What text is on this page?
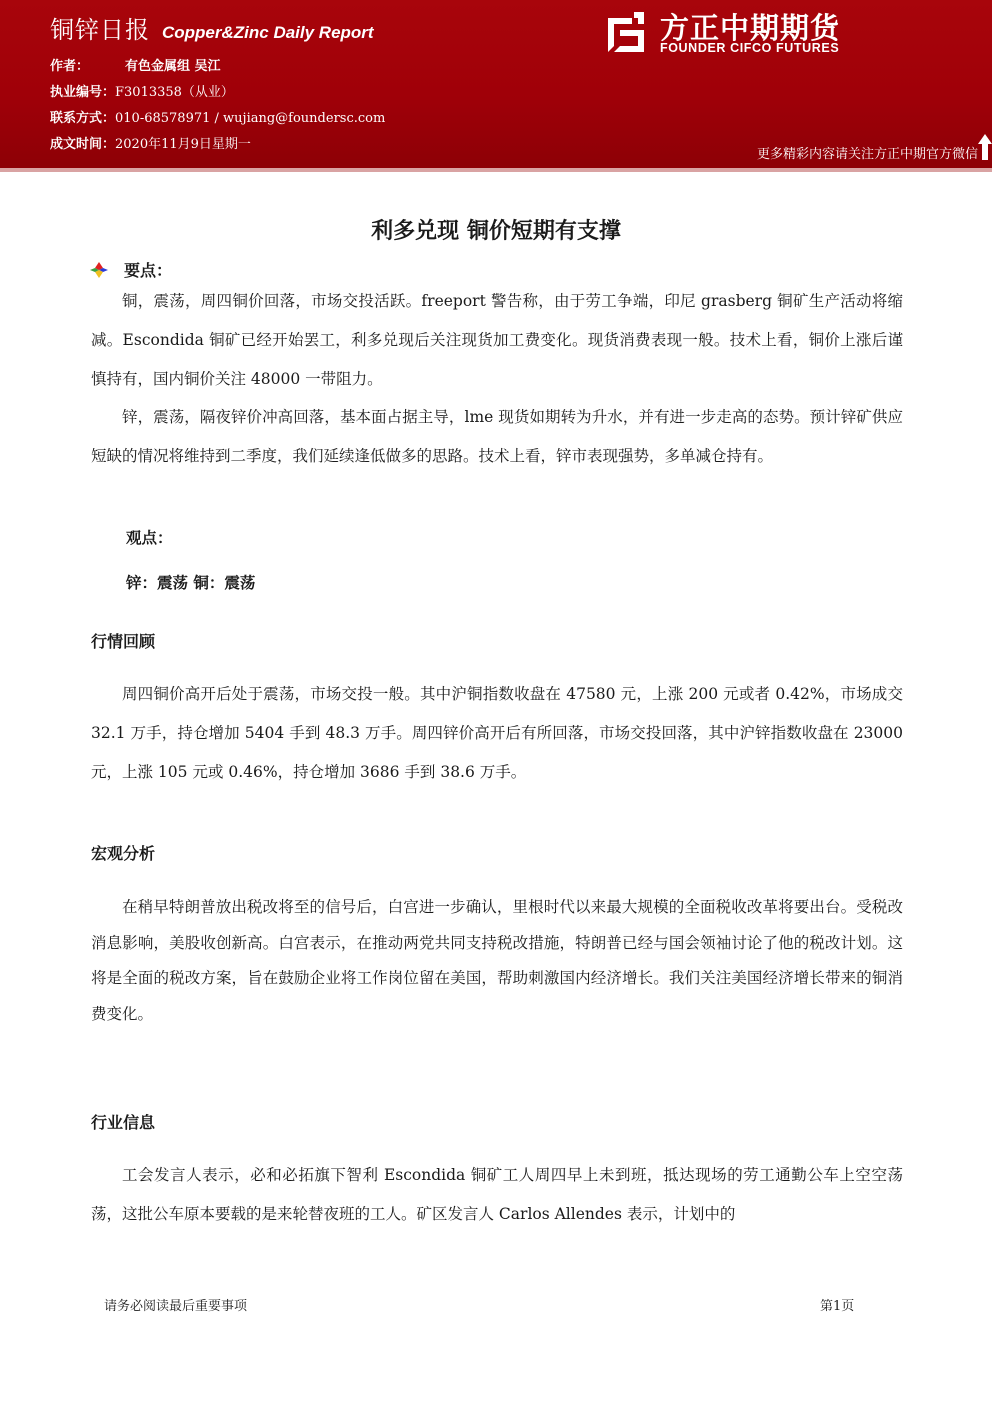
铜锌日报 Copper&Zinc Daily Report
作者：	有色金属组 吴江
执业编号：F3013358（从业）
联系方式：010-68578971 / wujiang@foundersc.com
成文时间：2020年11月9日星期一
方正中期期货
FOUNDER CIFCO FUTURES
更多精彩内容请关注方正中期官方微信
利多兑现 铜价短期有支撑
要点：

铜，震荡，周四铜价回落，市场交投活跃。freeport 警告称，由于劳工争端，印尼 grasberg 铜矿生产活动将缩减。Escondida 铜矿已经开始罢工，利多兑现后关注现货加工费变化。现货消费表现一般。技术上看，铜价上涨后谨慎持有，国内铜价关注 48000 一带阻力。

锌，震荡，隔夜锌价冲高回落，基本面占据主导，lme 现货如期转为升水，并有进一步走高的态势。预计锌矿供应短缺的情况将维持到二季度，我们延续逢低做多的思路。技术上看，锌市表现强势，多单减仓持有。

观点：
锌：震荡 铜：震荡
行情回顾

周四铜价高开后处于震荡，市场交投一般。其中沪铜指数收盘在 47580 元，上涨 200 元或者 0.42%，市场成交 32.1 万手，持仓增加 5404 手到 48.3 万手。周四锌价高开后有所回落，市场交投回落，其中沪锌指数收盘在 23000 元，上涨 105 元或 0.46%，持仓增加 3686 手到 38.6 万手。

宏观分析

在稍早特朗普放出税改将至的信号后，白宫进一步确认，里根时代以来最大规模的全面税收改革将要出台。受税改消息影响，美股收创新高。白宫表示，在推动两党共同支持税改措施，特朗普已经与国会领袖讨论了他的税改计划。这将是全面的税改方案，旨在鼓励企业将工作岗位留在美国，帮助刺激国内经济增长。我们关注美国经济增长带来的铜消费变化。

行业信息

工会发言人表示，必和必拓旗下智利 Escondida 铜矿工人周四早上未到班，抵达现场的劳工通勤公车上空空荡荡，这批公车原本要载的是来轮替夜班的工人。矿区发言人 Carlos Allendes 表示，计划中的

请务必阅读最后重要事项	第1页
